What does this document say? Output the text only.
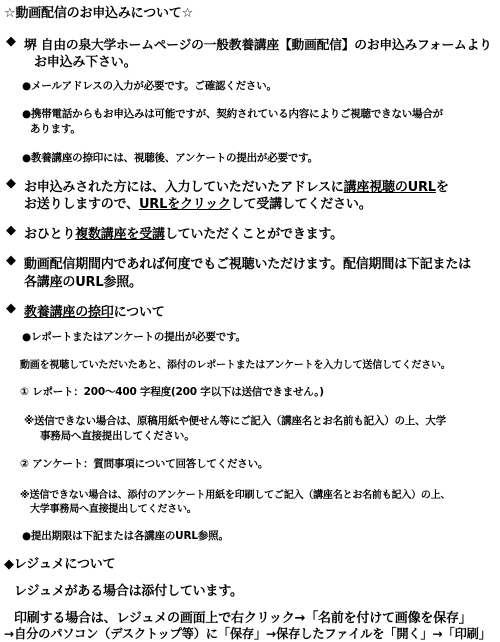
☆動画配信のお申込みについて☆
◆ 堺 自由の泉大学ホームページの一般教養講座【動画配信】のお申込みフォームより
お申込み下さい。
●メールアドレスの入力が必要です。ご確認ください。
●携帯電話からもお申込みは可能ですが、契約されている内容によりご視聴できない場合が
あります。
●教養講座の捺印には、視聴後、アンケートの提出が必要です。
◆ お申込みされた方には、入力していただいたアドレスに講座視聴のURLを
お送りしますので、URLをクリックして受講してください。
◆ おひとり複数講座を受講していただくことができます。
◆ 動画配信期間内であれば何度でもご視聴いただけます。配信期間は下記または
各講座のURL参照。
◆ 教養講座の捺印について
●レポートまたはアンケートの提出が必要です。
動画を視聴していただいたあと、添付のレポートまたはアンケートを入力して送信してください。
① レポート：200～400 字程度(200 字以下は送信できません。)
※送信できない場合は、原稿用紙や便せん等にご記入（講座名とお名前も記入）の上、大学
事務局へ直接提出してください。
② アンケート：質問事項について回答してください。
※送信できない場合は、添付のアンケート用紙を印刷してご記入（講座名とお名前も記入）の上、
大学事務局へ直接提出してください。
●提出期限は下記または各講座のURL参照。
◆レジュメについて
レジュメがある場合は添付しています。
印刷する場合は、レジュメの画面上で右クリック→「名前を付けて画像を保存」
→自分のパソコン（デスクトップ等）に「保存」→保存したファイルを「開く」→「印刷」
